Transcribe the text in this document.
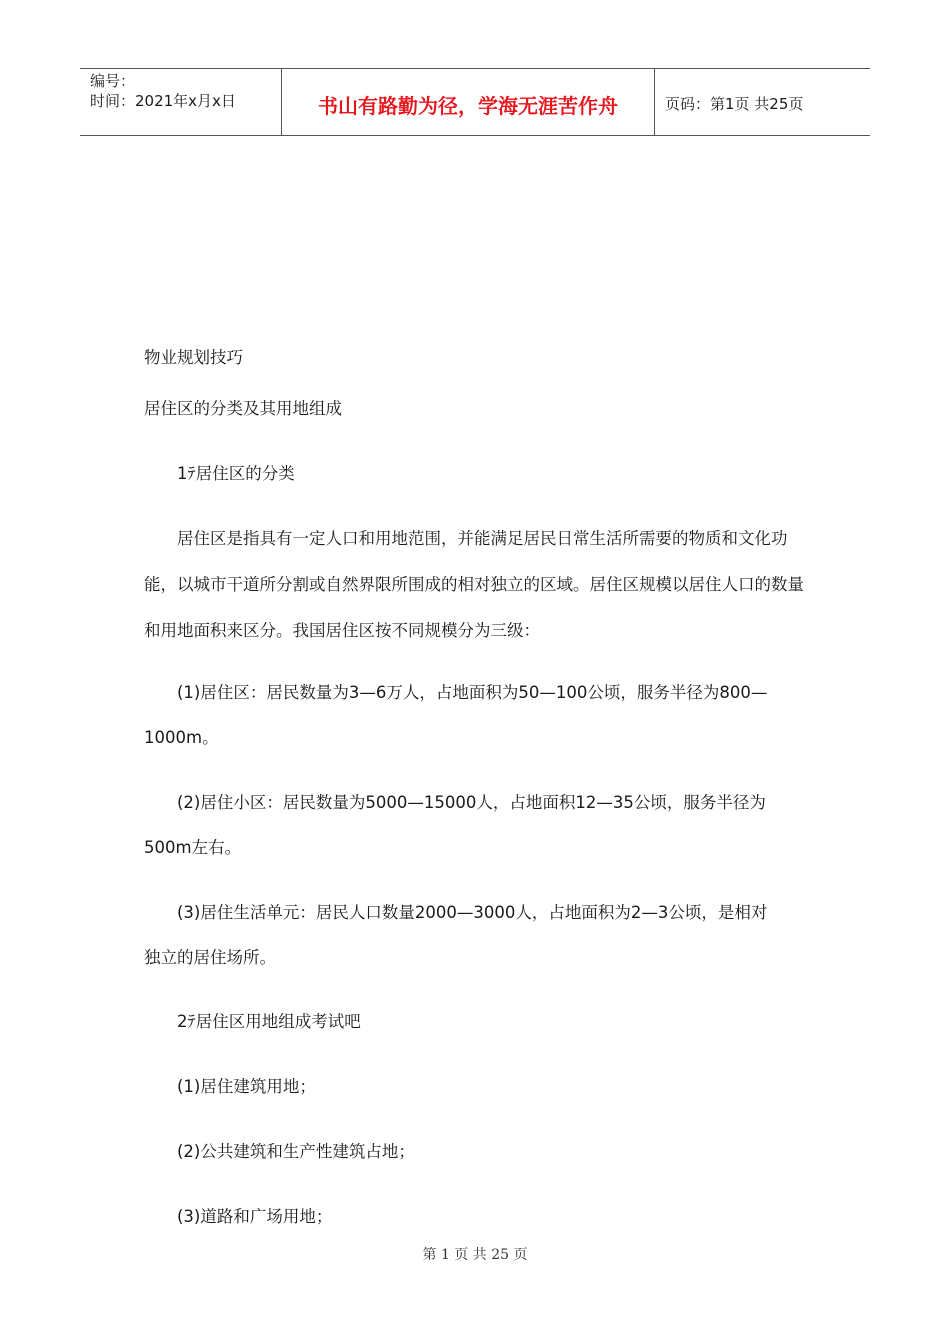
编号：
时间：2021年x月x日	书山有路勤为径，学海无涯苦作舟	页码：第1页 共25页
物业规划技巧
居住区的分类及其用地组成
1ﾃ居住区的分类
居住区是指具有一定人口和用地范围，并能满足居民日常生活所需要的物质和文化功能，以城市干道所分割或自然界限所围成的相对独立的区域。居住区规模以居住人口的数量和用地面积来区分。我国居住区按不同规模分为三级：
(1)居住区：居民数量为3—6万人，占地面积为50—100公顷，服务半径为800—
1000m。
(2)居住小区：居民数量为5000—15000人，占地面积12—35公顷，服务半径为
500m左右。
(3)居住生活单元：居民人口数量2000—3000人，占地面积为2—3公顷，是相对
独立的居住场所。
2ﾃ居住区用地组成考试吧
(1)居住建筑用地；
(2)公共建筑和生产性建筑占地；
(3)道路和广场用地；
第 1 页 共 25 页
